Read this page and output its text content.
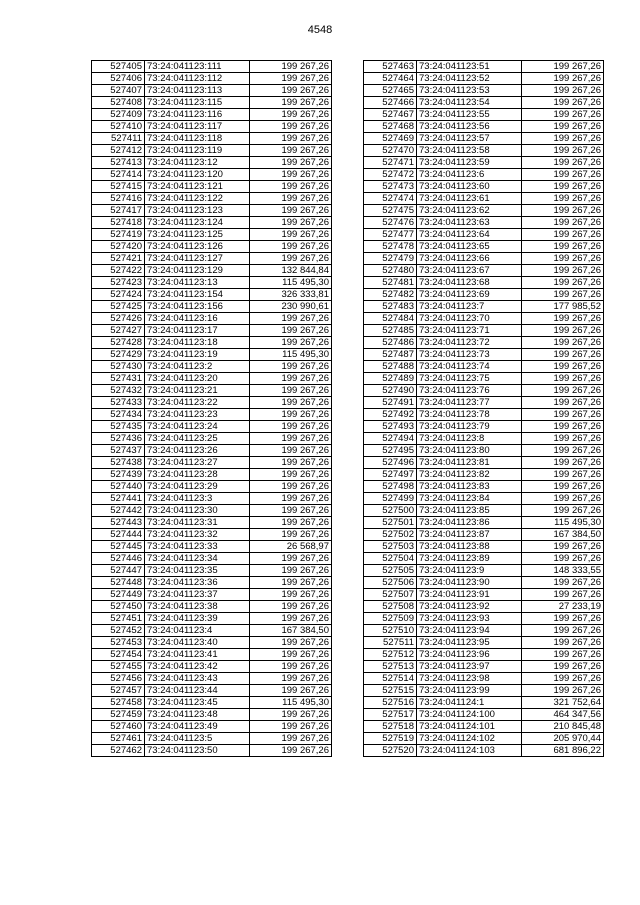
4548
527405	73:24:041123:111	199 267,26
527406	73:24:041123:112	199 267,26
527407	73:24:041123:113	199 267,26
527408	73:24:041123:115	199 267,26
527409	73:24:041123:116	199 267,26
527410	73:24:041123:117	199 267,26
527411	73:24:041123:118	199 267,26
527412	73:24:041123:119	199 267,26
527413	73:24:041123:12	199 267,26
527414	73:24:041123:120	199 267,26
527415	73:24:041123:121	199 267,26
527416	73:24:041123:122	199 267,26
527417	73:24:041123:123	199 267,26
527418	73:24:041123:124	199 267,26
527419	73:24:041123:125	199 267,26
527420	73:24:041123:126	199 267,26
527421	73:24:041123:127	199 267,26
527422	73:24:041123:129	132 844,84
527423	73:24:041123:13	115 495,30
527424	73:24:041123:154	326 333,81
527425	73:24:041123:156	230 990,61
527426	73:24:041123:16	199 267,26
527427	73:24:041123:17	199 267,26
527428	73:24:041123:18	199 267,26
527429	73:24:041123:19	115 495,30
527430	73:24:041123:2	199 267,26
527431	73:24:041123:20	199 267,26
527432	73:24:041123:21	199 267,26
527433	73:24:041123:22	199 267,26
527434	73:24:041123:23	199 267,26
527435	73:24:041123:24	199 267,26
527436	73:24:041123:25	199 267,26
527437	73:24:041123:26	199 267,26
527438	73:24:041123:27	199 267,26
527439	73:24:041123:28	199 267,26
527440	73:24:041123:29	199 267,26
527441	73:24:041123:3	199 267,26
527442	73:24:041123:30	199 267,26
527443	73:24:041123:31	199 267,26
527444	73:24:041123:32	199 267,26
527445	73:24:041123:33	26 568,97
527446	73:24:041123:34	199 267,26
527447	73:24:041123:35	199 267,26
527448	73:24:041123:36	199 267,26
527449	73:24:041123:37	199 267,26
527450	73:24:041123:38	199 267,26
527451	73:24:041123:39	199 267,26
527452	73:24:041123:4	167 384,50
527453	73:24:041123:40	199 267,26
527454	73:24:041123:41	199 267,26
527455	73:24:041123:42	199 267,26
527456	73:24:041123:43	199 267,26
527457	73:24:041123:44	199 267,26
527458	73:24:041123:45	115 495,30
527459	73:24:041123:48	199 267,26
527460	73:24:041123:49	199 267,26
527461	73:24:041123:5	199 267,26
527462	73:24:041123:50	199 267,26
527463	73:24:041123:51	199 267,26
527464	73:24:041123:52	199 267,26
527465	73:24:041123:53	199 267,26
527466	73:24:041123:54	199 267,26
527467	73:24:041123:55	199 267,26
527468	73:24:041123:56	199 267,26
527469	73:24:041123:57	199 267,26
527470	73:24:041123:58	199 267,26
527471	73:24:041123:59	199 267,26
527472	73:24:041123:6	199 267,26
527473	73:24:041123:60	199 267,26
527474	73:24:041123:61	199 267,26
527475	73:24:041123:62	199 267,26
527476	73:24:041123:63	199 267,26
527477	73:24:041123:64	199 267,26
527478	73:24:041123:65	199 267,26
527479	73:24:041123:66	199 267,26
527480	73:24:041123:67	199 267,26
527481	73:24:041123:68	199 267,26
527482	73:24:041123:69	199 267,26
527483	73:24:041123:7	177 985,52
527484	73:24:041123:70	199 267,26
527485	73:24:041123:71	199 267,26
527486	73:24:041123:72	199 267,26
527487	73:24:041123:73	199 267,26
527488	73:24:041123:74	199 267,26
527489	73:24:041123:75	199 267,26
527490	73:24:041123:76	199 267,26
527491	73:24:041123:77	199 267,26
527492	73:24:041123:78	199 267,26
527493	73:24:041123:79	199 267,26
527494	73:24:041123:8	199 267,26
527495	73:24:041123:80	199 267,26
527496	73:24:041123:81	199 267,26
527497	73:24:041123:82	199 267,26
527498	73:24:041123:83	199 267,26
527499	73:24:041123:84	199 267,26
527500	73:24:041123:85	199 267,26
527501	73:24:041123:86	115 495,30
527502	73:24:041123:87	167 384,50
527503	73:24:041123:88	199 267,26
527504	73:24:041123:89	199 267,26
527505	73:24:041123:9	148 333,55
527506	73:24:041123:90	199 267,26
527507	73:24:041123:91	199 267,26
527508	73:24:041123:92	27 233,19
527509	73:24:041123:93	199 267,26
527510	73:24:041123:94	199 267,26
527511	73:24:041123:95	199 267,26
527512	73:24:041123:96	199 267,26
527513	73:24:041123:97	199 267,26
527514	73:24:041123:98	199 267,26
527515	73:24:041123:99	199 267,26
527516	73:24:041124:1	321 752,64
527517	73:24:041124:100	464 347,56
527518	73:24:041124:101	210 845,48
527519	73:24:041124:102	205 970,44
527520	73:24:041124:103	681 896,22
